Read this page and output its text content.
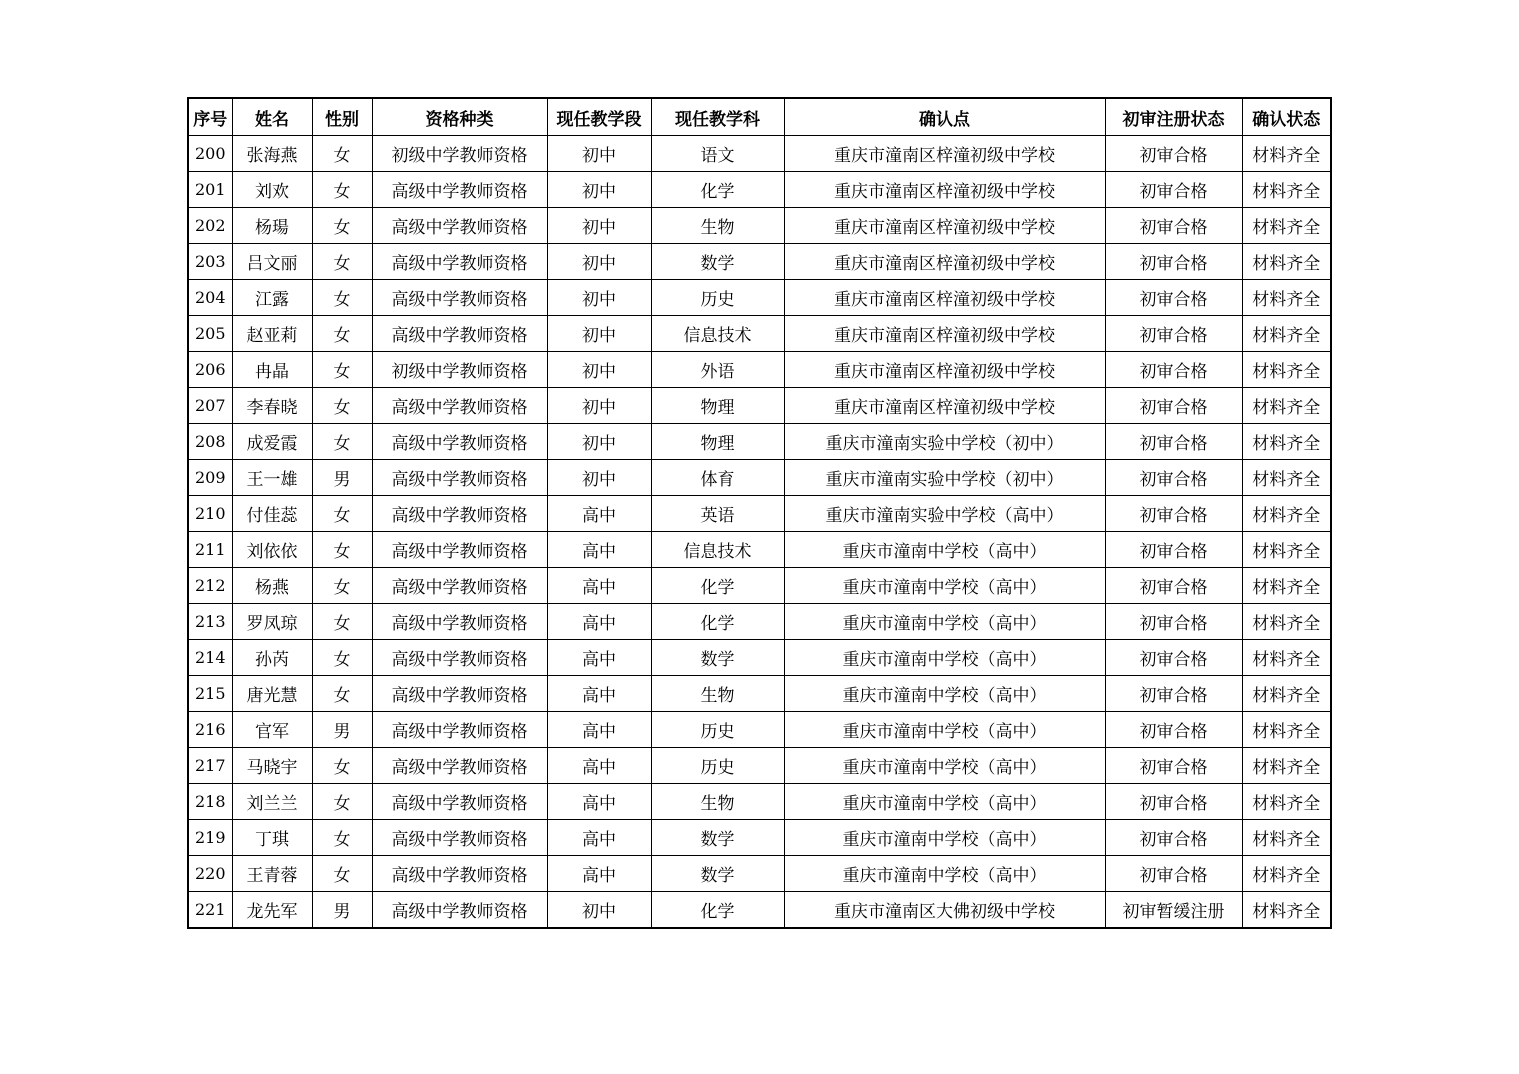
序号	姓名	性别	资格种类	现任教学段	现任教学科	确认点	初审注册状态	确认状态
200	张海燕	女	初级中学教师资格	初中	语文	重庆市潼南区梓潼初级中学校	初审合格	材料齐全
201	刘欢	女	高级中学教师资格	初中	化学	重庆市潼南区梓潼初级中学校	初审合格	材料齐全
202	杨瑒	女	高级中学教师资格	初中	生物	重庆市潼南区梓潼初级中学校	初审合格	材料齐全
203	吕文丽	女	高级中学教师资格	初中	数学	重庆市潼南区梓潼初级中学校	初审合格	材料齐全
204	江露	女	高级中学教师资格	初中	历史	重庆市潼南区梓潼初级中学校	初审合格	材料齐全
205	赵亚莉	女	高级中学教师资格	初中	信息技术	重庆市潼南区梓潼初级中学校	初审合格	材料齐全
206	冉晶	女	初级中学教师资格	初中	外语	重庆市潼南区梓潼初级中学校	初审合格	材料齐全
207	李春晓	女	高级中学教师资格	初中	物理	重庆市潼南区梓潼初级中学校	初审合格	材料齐全
208	成爱霞	女	高级中学教师资格	初中	物理	重庆市潼南实验中学校（初中）	初审合格	材料齐全
209	王一雄	男	高级中学教师资格	初中	体育	重庆市潼南实验中学校（初中）	初审合格	材料齐全
210	付佳蕊	女	高级中学教师资格	高中	英语	重庆市潼南实验中学校（高中）	初审合格	材料齐全
211	刘依依	女	高级中学教师资格	高中	信息技术	重庆市潼南中学校（高中）	初审合格	材料齐全
212	杨燕	女	高级中学教师资格	高中	化学	重庆市潼南中学校（高中）	初审合格	材料齐全
213	罗凤琼	女	高级中学教师资格	高中	化学	重庆市潼南中学校（高中）	初审合格	材料齐全
214	孙芮	女	高级中学教师资格	高中	数学	重庆市潼南中学校（高中）	初审合格	材料齐全
215	唐光慧	女	高级中学教师资格	高中	生物	重庆市潼南中学校（高中）	初审合格	材料齐全
216	官军	男	高级中学教师资格	高中	历史	重庆市潼南中学校（高中）	初审合格	材料齐全
217	马晓宇	女	高级中学教师资格	高中	历史	重庆市潼南中学校（高中）	初审合格	材料齐全
218	刘兰兰	女	高级中学教师资格	高中	生物	重庆市潼南中学校（高中）	初审合格	材料齐全
219	丁琪	女	高级中学教师资格	高中	数学	重庆市潼南中学校（高中）	初审合格	材料齐全
220	王青蓉	女	高级中学教师资格	高中	数学	重庆市潼南中学校（高中）	初审合格	材料齐全
221	龙先军	男	高级中学教师资格	初中	化学	重庆市潼南区大佛初级中学校	初审暂缓注册	材料齐全
